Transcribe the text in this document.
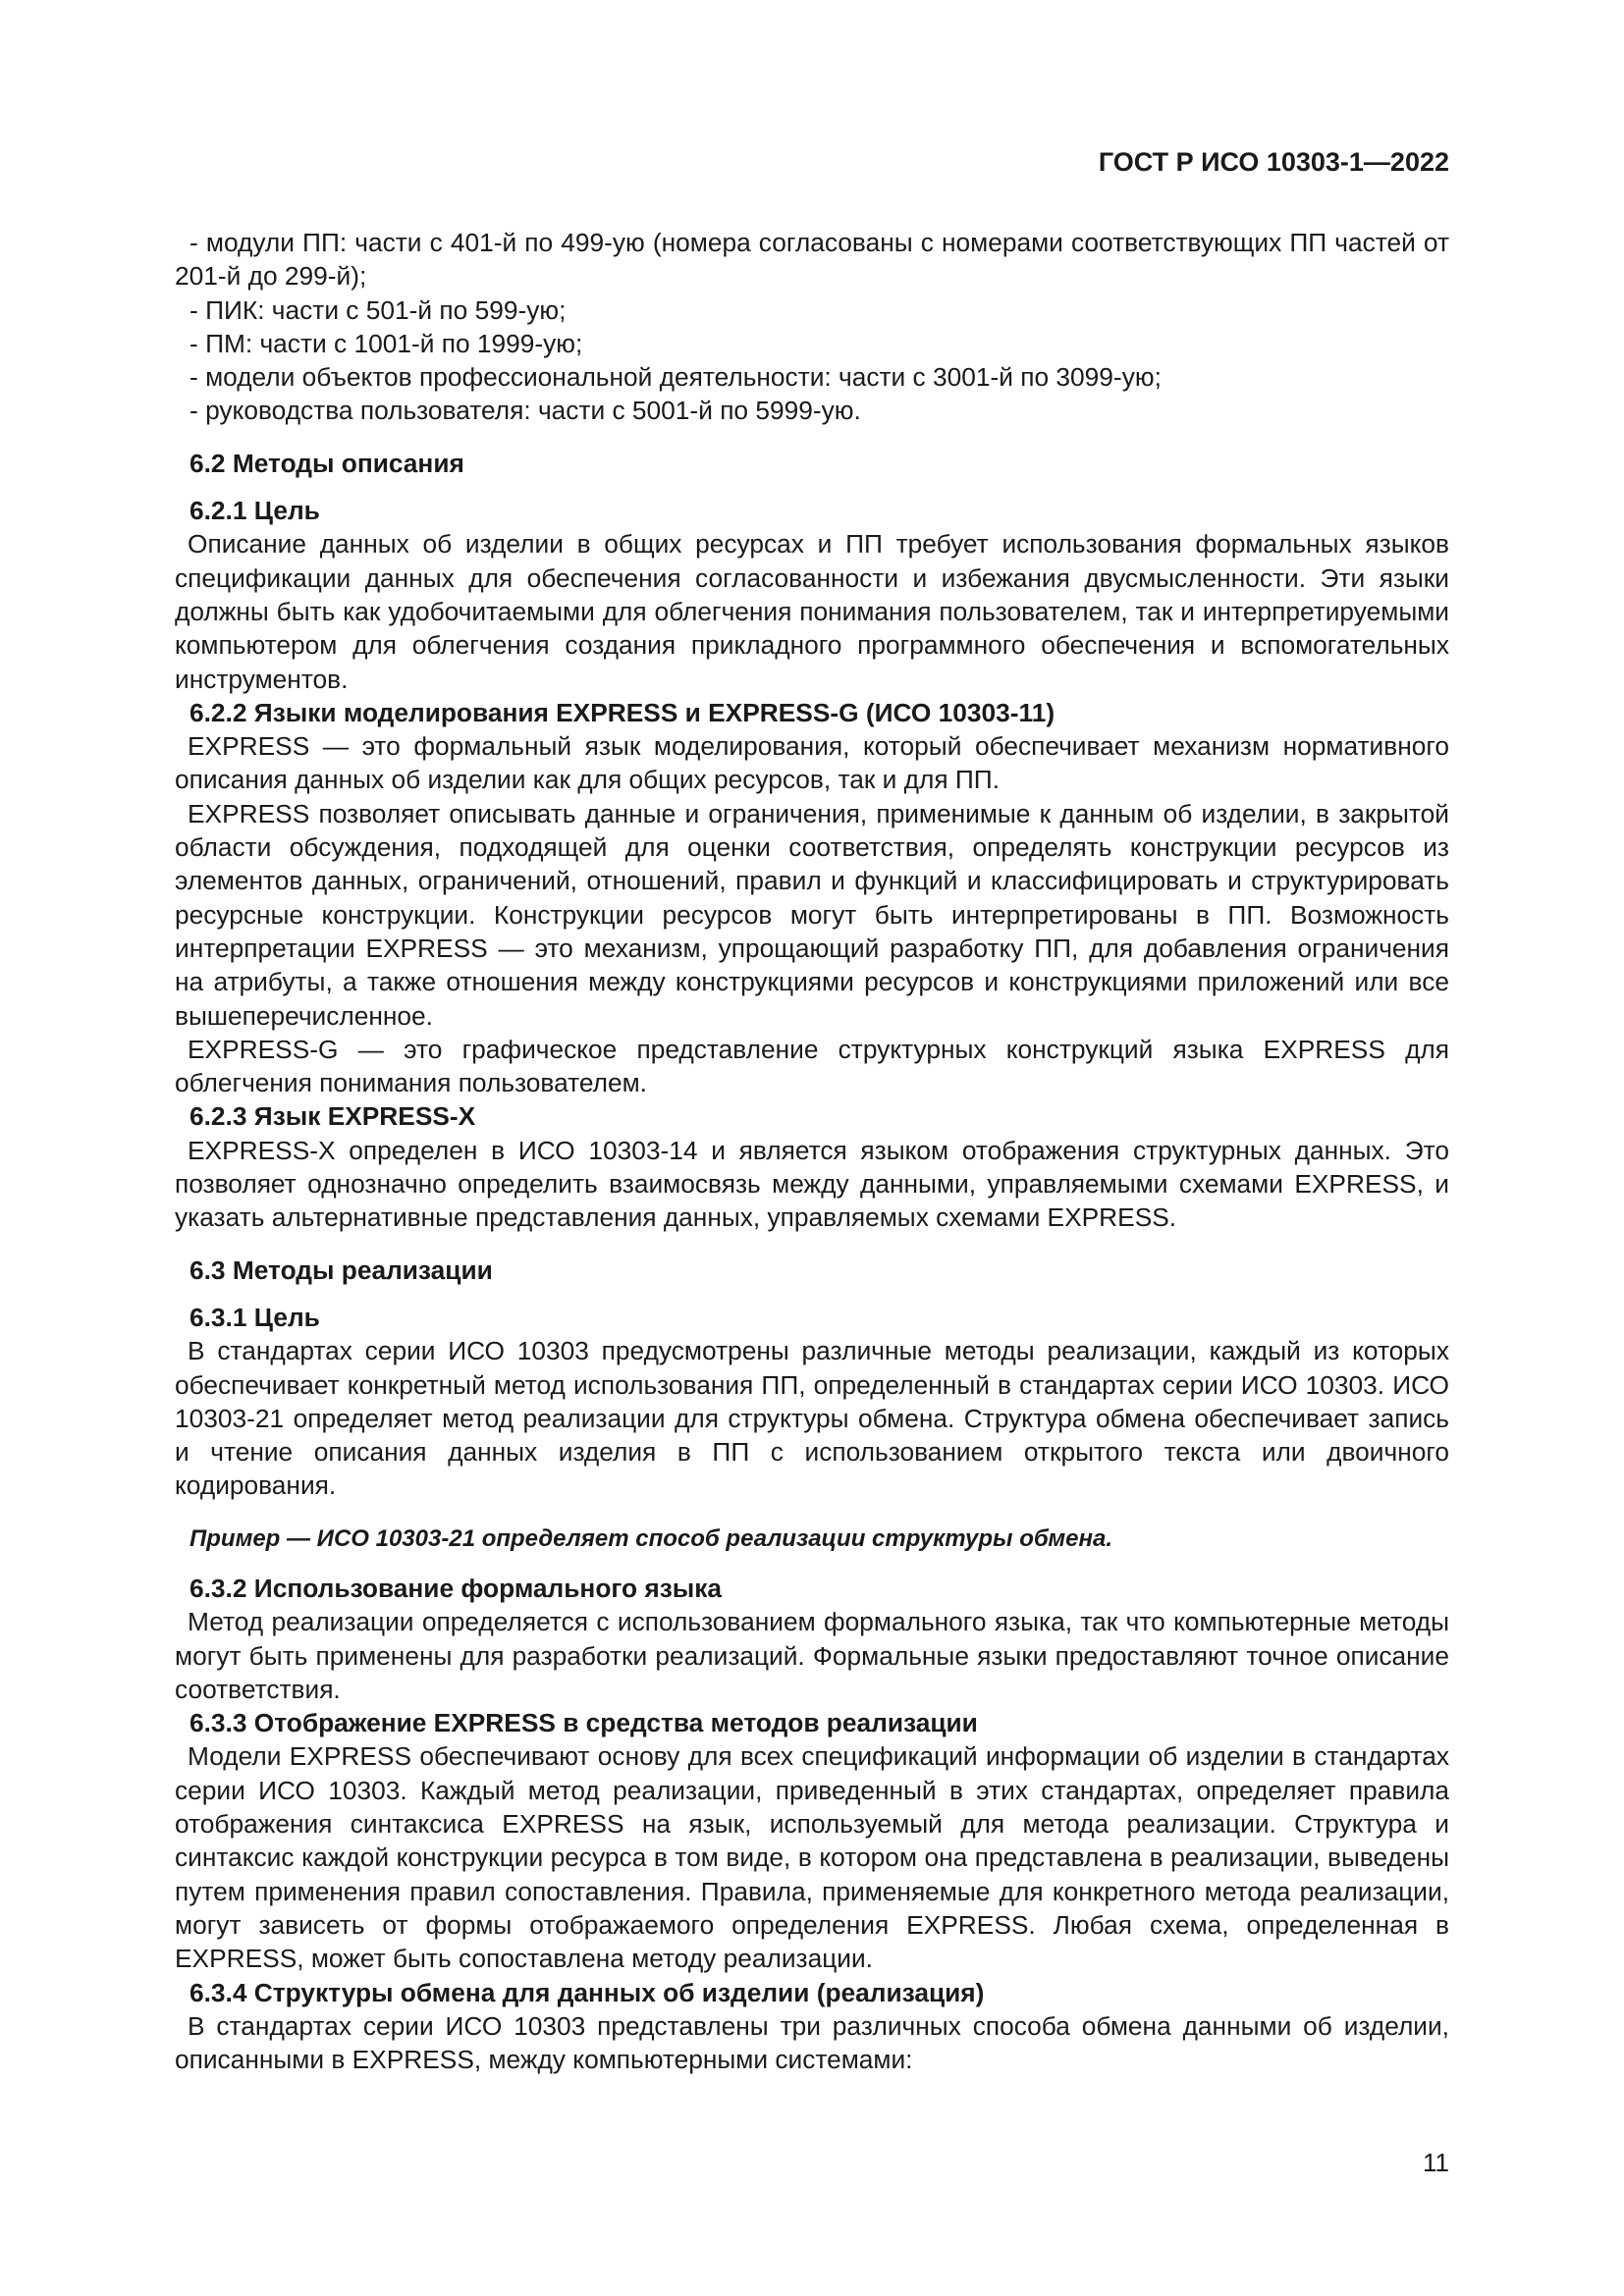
ГОСТ Р ИСО 10303-1—2022

- модули ПП: части с 401-й по 499-ую (номера согласованы с номерами соответствующих ПП частей от 201-й до 299-й);

- ПИК: части с 501-й по 599-ую;

- ПМ: части с 1001-й по 1999-ую;

- модели объектов профессиональной деятельности: части с 3001-й по 3099-ую;

- руководства пользователя: части с 5001-й по 5999-ую.

6.2 Методы описания

6.2.1 Цель

Описание данных об изделии в общих ресурсах и ПП требует использования формальных языков спецификации данных для обеспечения согласованности и избежания двусмысленности. Эти языки должны быть как удобочитаемыми для облегчения понимания пользователем, так и интерпретируемыми компьютером для облегчения создания прикладного программного обеспечения и вспомогательных инструментов.

6.2.2 Языки моделирования EXPRESS и EXPRESS-G (ИСО 10303-11)

EXPRESS — это формальный язык моделирования, который обеспечивает механизм нормативного описания данных об изделии как для общих ресурсов, так и для ПП.

EXPRESS позволяет описывать данные и ограничения, применимые к данным об изделии, в закрытой области обсуждения, подходящей для оценки соответствия, определять конструкции ресурсов из элементов данных, ограничений, отношений, правил и функций и классифицировать и структурировать ресурсные конструкции. Конструкции ресурсов могут быть интерпретированы в ПП. Возможность интерпретации EXPRESS — это механизм, упрощающий разработку ПП, для добавления ограничения на атрибуты, а также отношения между конструкциями ресурсов и конструкциями приложений или все вышеперечисленное.

EXPRESS-G — это графическое представление структурных конструкций языка EXPRESS для облегчения понимания пользователем.

6.2.3 Язык EXPRESS-X

EXPRESS-X определен в ИСО 10303-14 и является языком отображения структурных данных. Это позволяет однозначно определить взаимосвязь между данными, управляемыми схемами EXPRESS, и указать альтернативные представления данных, управляемых схемами EXPRESS.

6.3 Методы реализации

6.3.1 Цель

В стандартах серии ИСО 10303 предусмотрены различные методы реализации, каждый из которых обеспечивает конкретный метод использования ПП, определенный в стандартах серии ИСО 10303. ИСО 10303-21 определяет метод реализации для структуры обмена. Структура обмена обеспечивает запись и чтение описания данных изделия в ПП с использованием открытого текста или двоичного кодирования.

Пример — ИСО 10303-21 определяет способ реализации структуры обмена.

6.3.2 Использование формального языка

Метод реализации определяется с использованием формального языка, так что компьютерные методы могут быть применены для разработки реализаций. Формальные языки предоставляют точное описание соответствия.

6.3.3 Отображение EXPRESS в средства методов реализации

Модели EXPRESS обеспечивают основу для всех спецификаций информации об изделии в стандартах серии ИСО 10303. Каждый метод реализации, приведенный в этих стандартах, определяет правила отображения синтаксиса EXPRESS на язык, используемый для метода реализации. Структура и синтаксис каждой конструкции ресурса в том виде, в котором она представлена в реализации, выведены путем применения правил сопоставления. Правила, применяемые для конкретного метода реализации, могут зависеть от формы отображаемого определения EXPRESS. Любая схема, определенная в EXPRESS, может быть сопоставлена методу реализации.

6.3.4 Структуры обмена для данных об изделии (реализация)

В стандартах серии ИСО 10303 представлены три различных способа обмена данными об изделии, описанными в EXPRESS, между компьютерными системами:

11
